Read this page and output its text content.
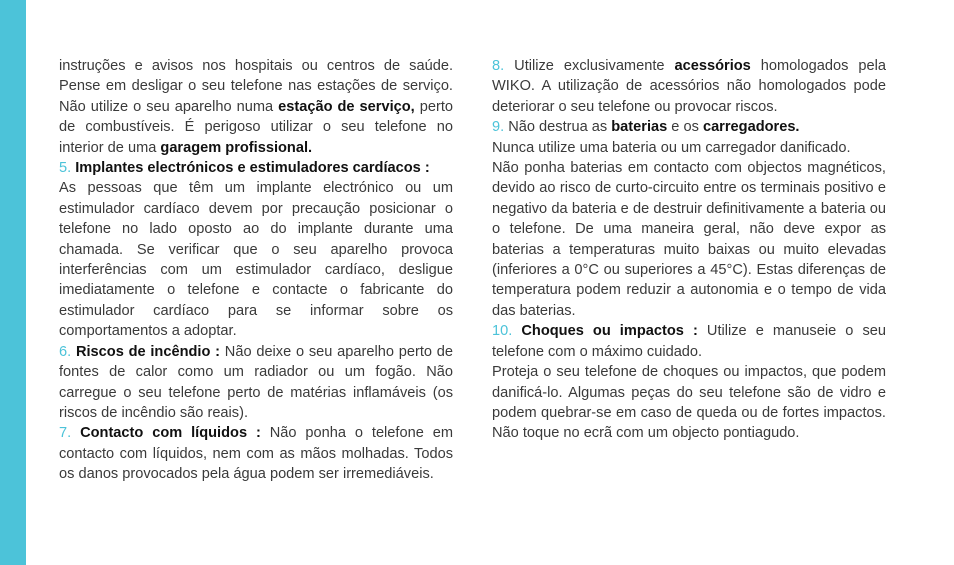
instruções e avisos nos hospitais ou centros de saúde. Pense em desligar o seu telefone nas estações de serviço. Não utilize o seu aparelho numa estação de serviço, perto de combustíveis. É perigoso utilizar o seu telefone no interior de uma garagem profissional.

5. Implantes electrónicos e estimuladores cardíacos :

As pessoas que têm um implante electrónico ou um estimulador cardíaco devem por precaução posicionar o telefone no lado oposto ao do implante durante uma chamada. Se verificar que o seu aparelho provoca interferências com um estimulador cardíaco, desligue imediatamente o telefone e contacte o fabricante do estimulador cardíaco para se informar sobre os comportamentos a adoptar.

6. Riscos de incêndio : Não deixe o seu aparelho perto de fontes de calor como um radiador ou um fogão. Não carregue o seu telefone perto de matérias inflamáveis (os riscos de incêndio são reais).

7. Contacto com líquidos : Não ponha o telefone em contacto com líquidos, nem com as mãos molhadas. Todos os danos provocados pela água podem ser irremediáveis.

8. Utilize exclusivamente acessórios homologados pela WIKO. A utilização de acessórios não homologados pode deteriorar o seu telefone ou provocar riscos.

9. Não destrua as baterias e os carregadores.

Nunca utilize uma bateria ou um carregador danificado.

Não ponha baterias em contacto com objectos magnéticos, devido ao risco de curto-circuito entre os terminais positivo e negativo da bateria e de destruir definitivamente a bateria ou o telefone. De uma maneira geral, não deve expor as baterias a temperaturas muito baixas ou muito elevadas (inferiores a 0°C ou superiores a 45°C). Estas diferenças de temperatura podem reduzir a autonomia e o tempo de vida das baterias.

10. Choques ou impactos : Utilize e manuseie o seu telefone com o máximo cuidado.

Proteja o seu telefone de choques ou impactos, que podem danificá-lo. Algumas peças do seu telefone são de vidro e podem quebrar-se em caso de queda ou de fortes impactos. Não toque no ecrã com um objecto pontiagudo.
